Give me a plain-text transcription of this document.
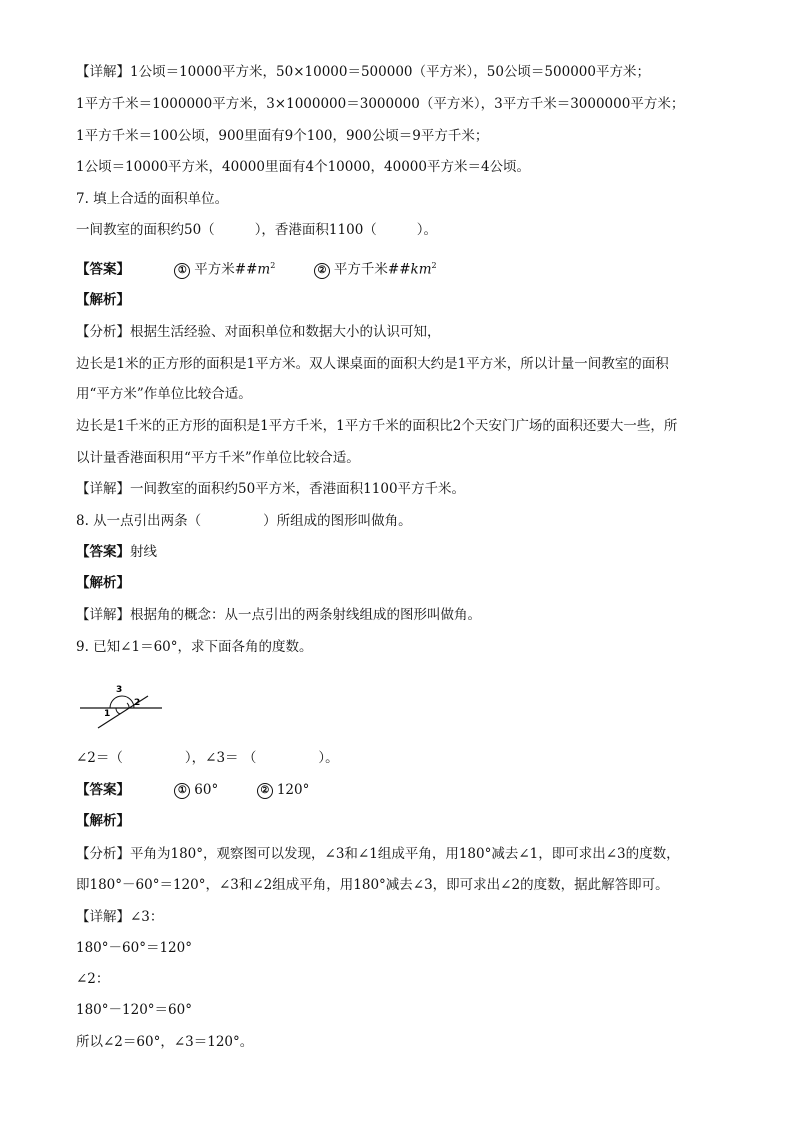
【详解】1公顷＝10000平方米，50×10000＝500000（平方米），50公顷＝500000平方米；
1平方千米＝1000000平方米，3×1000000＝3000000（平方米），3平方千米＝3000000平方米；
1平方千米＝100公顷，900里面有9个100，900公顷＝9平方千米；
1公顷＝10000平方米，40000里面有4个10000，40000平方米＝4公顷。
7. 填上合适的面积单位。
一间教室的面积约50（	），香港面积1100（	）。
【答案】	① 平方米$\#\#m^2$	② 平方千米$\#\#km^2$
【解析】
【分析】根据生活经验、对面积单位和数据大小的认识可知，
边长是1米的正方形的面积是1平方米。双人课桌面的面积大约是1平方米，所以计量一间教室的面积
用“平方米”作单位比较合适。
边长是1千米的正方形的面积是1平方千米，1平方千米的面积比2个天安门广场的面积还要大一些，所
以计量香港面积用“平方千米”作单位比较合适。
【详解】一间教室的面积约50平方米，香港面积1100平方千米。
8. 从一点引出两条（	）所组成的图形叫做角。
【答案】射线
【解析】
【详解】根据角的概念：从一点引出的两条射线组成的图形叫做角。
9. 已知∠1＝60°，求下面各角的度数。
1
2
3
∠2＝（	），∠3＝ （	）。
【答案】	① 60°	② 120°
【解析】
【分析】平角为180°，观察图可以发现，∠3和∠1组成平角，用180°减去∠1，即可求出∠3的度数，
即180°－60°＝120°，∠3和∠2组成平角，用180°减去∠3，即可求出∠2的度数，据此解答即可。
【详解】∠3：
180°－60°＝120°
∠2：
180°－120°＝60°
所以∠2＝60°，∠3＝120°。
